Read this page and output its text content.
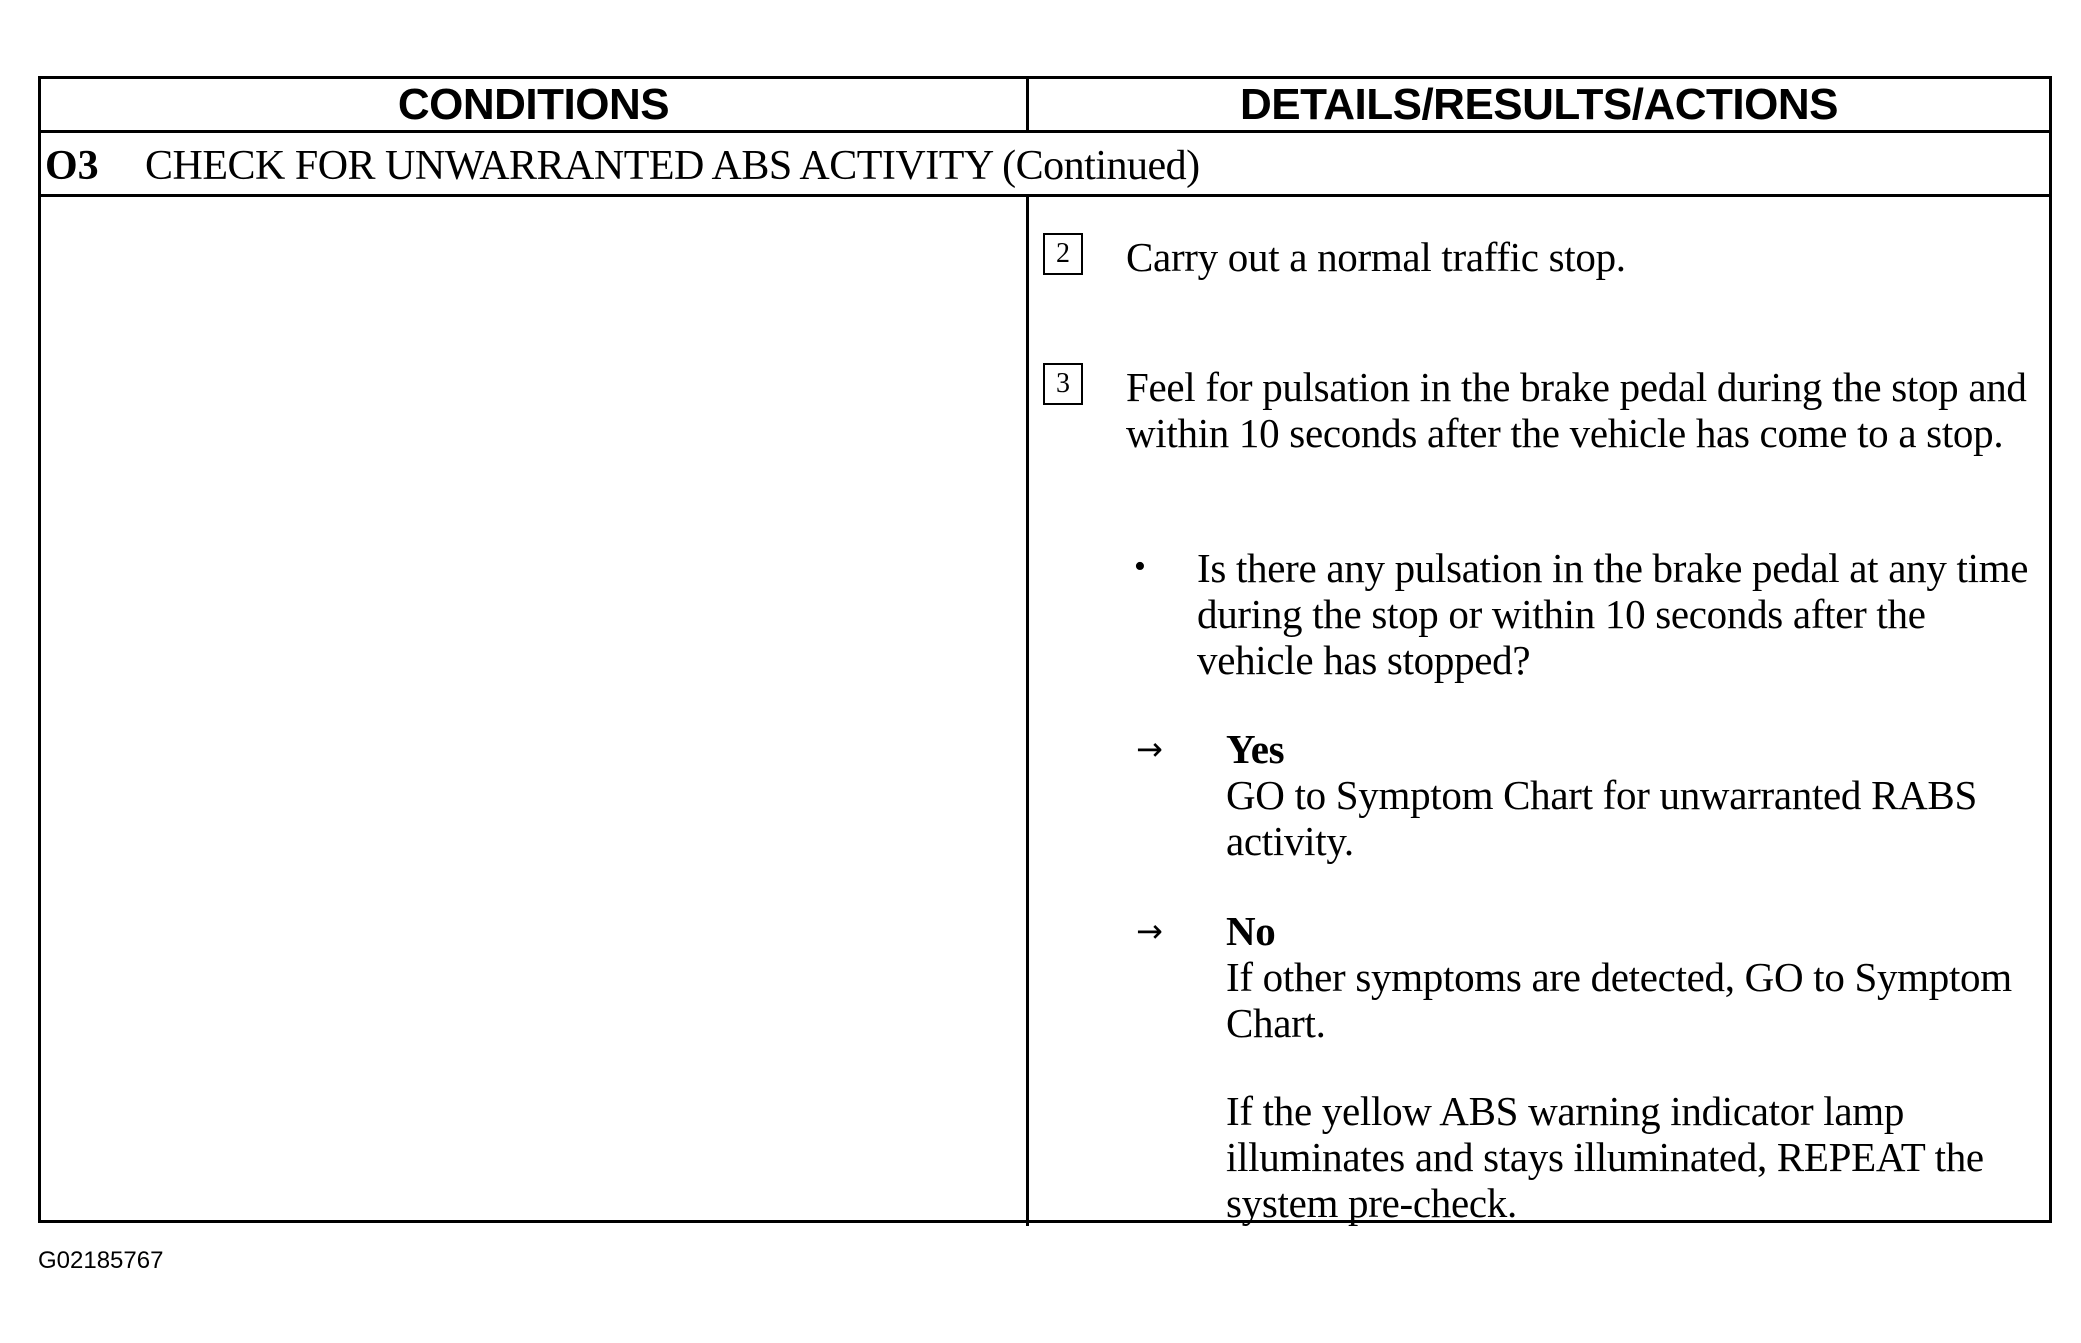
CONDITIONS	DETAILS/RESULTS/ACTIONS
O3 CHECK FOR UNWARRANTED ABS ACTIVITY (Continued)
2	Carry out a normal traffic stop.
3	Feel for pulsation in the brake pedal during the stop and within 10 seconds after the vehicle has come to a stop.
• Is there any pulsation in the brake pedal at any time during the stop or within 10 seconds after the vehicle has stopped?
→ Yes
GO to Symptom Chart for unwarranted RABS activity.
→ No
If other symptoms are detected, GO to Symptom Chart.
If the yellow ABS warning indicator lamp illuminates and stays illuminated, REPEAT the system pre-check.
G02185767
